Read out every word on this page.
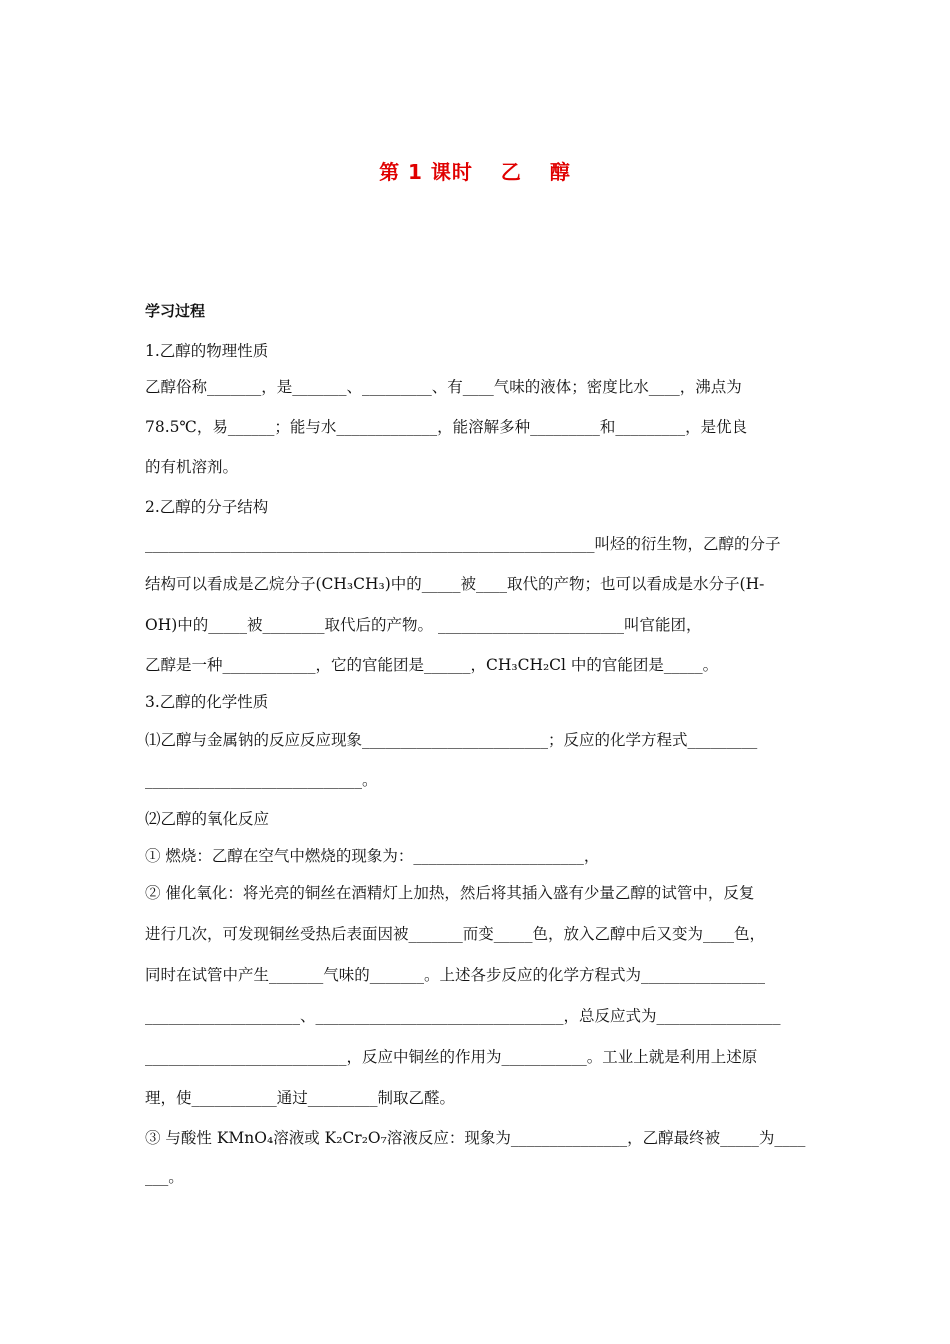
第 1 课时 乙 醇
学习过程
1.乙醇的物理性质
乙醇俗称_______，是_______、_________、有____气味的液体；密度比水____，沸点为
78.5℃，易______；能与水_____________，能溶解多种_________和_________，是优良
的有机溶剂。
2.乙醇的分子结构
__________________________________________________________叫烃的衍生物，乙醇的分子
结构可以看成是乙烷分子(CH₃CH₃)中的_____被____取代的产物；也可以看成是水分子(H-
OH)中的_____被________取代后的产物。 ________________________叫官能团，
乙醇是一种____________，它的官能团是______，CH₃CH₂Cl 中的官能团是_____。
3.乙醇的化学性质
⑴乙醇与金属钠的反应反应现象________________________；反应的化学方程式_________
____________________________。
⑵乙醇的氧化反应
① 燃烧：乙醇在空气中燃烧的现象为：______________________，
② 催化氧化：将光亮的铜丝在酒精灯上加热，然后将其插入盛有少量乙醇的试管中，反复
进行几次，可发现铜丝受热后表面因被_______而变_____色，放入乙醇中后又变为____色，
同时在试管中产生_______气味的_______。上述各步反应的化学方程式为________________
____________________、________________________________，总反应式为________________
__________________________，反应中铜丝的作用为___________。工业上就是利用上述原
理，使___________通过_________制取乙醛。
③ 与酸性 KMnO₄溶液或 K₂Cr₂O₇溶液反应：现象为_______________，乙醇最终被_____为____
___。
